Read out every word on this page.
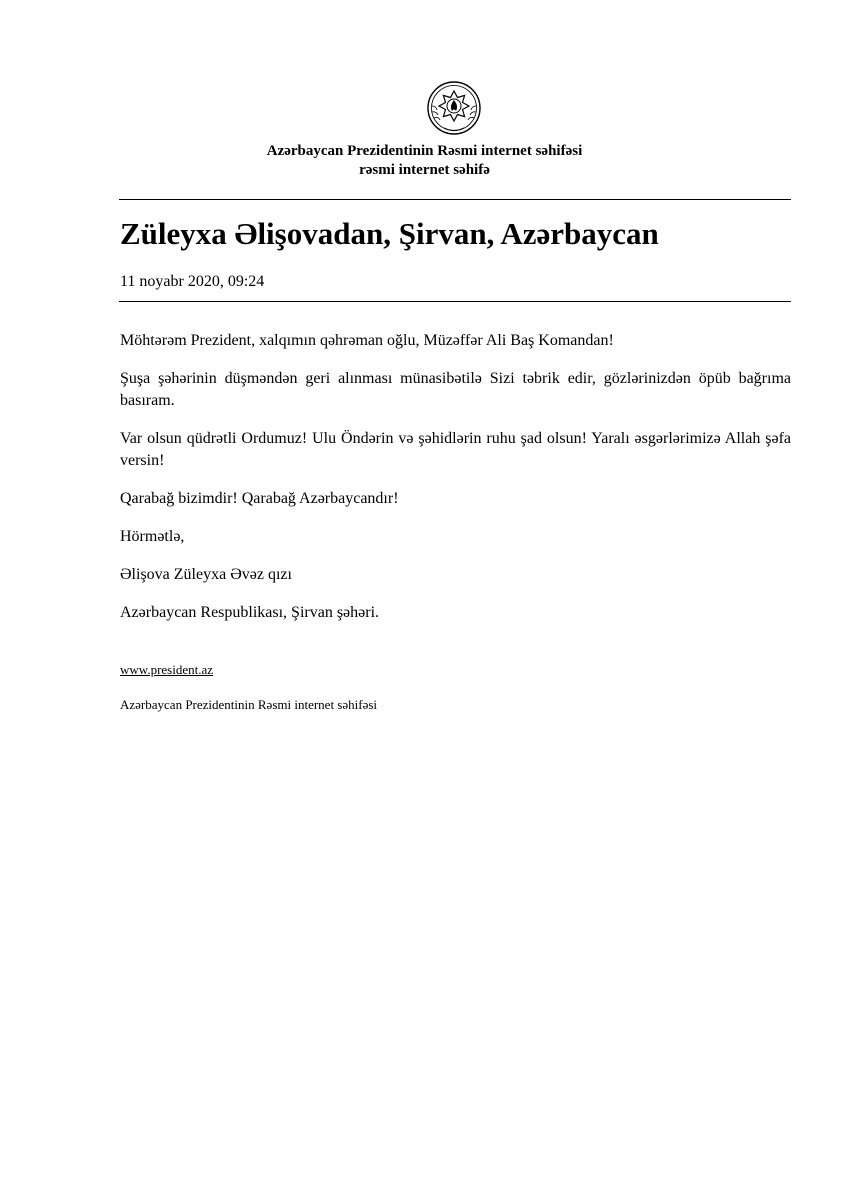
Azərbaycan Prezidentinin Rəsmi internet səhifəsi
rəsmi internet səhifə
Züleyxa Əlişovadan, Şirvan, Azərbaycan
11 noyabr 2020, 09:24

Möhtərəm Prezident, xalqımın qəhrəman oğlu, Müzəffər Ali Baş Komandan!

Şuşa şəhərinin düşməndən geri alınması münasibətilə Sizi təbrik edir, gözlərinizdən öpüb bağrıma basıram.

Var olsun qüdrətli Ordumuz! Ulu Öndərin və şəhidlərin ruhu şad olsun! Yaralı əsgərlərimizə Allah şəfa versin!

Qarabağ bizimdir! Qarabağ Azərbaycandır!

Hörmətlə,

Əlişova Züleyxa Əvəz qızı

Azərbaycan Respublikası, Şirvan şəhəri.

www.president.az
Azərbaycan Prezidentinin Rəsmi internet səhifəsi
